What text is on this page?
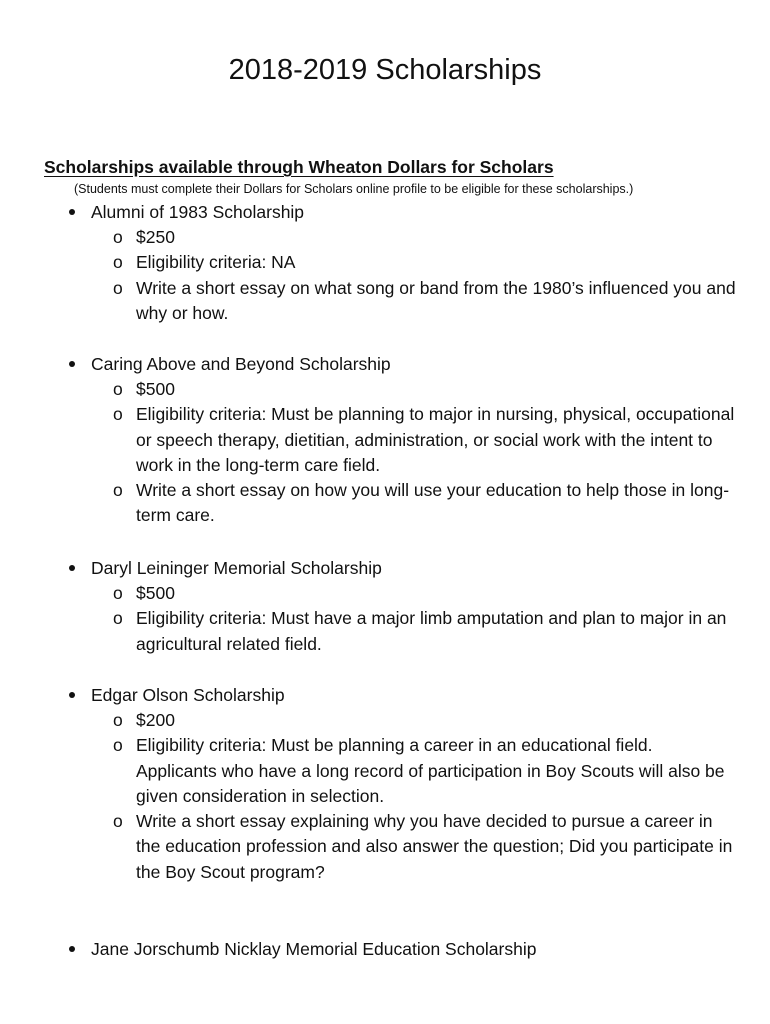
2018-2019 Scholarships
Scholarships available through Wheaton Dollars for Scholars

(Students must complete their Dollars for Scholars online profile to be eligible for these scholarships.)

Alumni of 1983 Scholarship
o $250
o Eligibility criteria: NA
o Write a short essay on what song or band from the 1980’s influenced you and why or how.
Caring Above and Beyond Scholarship
o $500
o Eligibility criteria: Must be planning to major in nursing, physical, occupational or speech therapy, dietitian, administration, or social work with the intent to work in the long-term care field.
o Write a short essay on how you will use your education to help those in long-term care.
Daryl Leininger Memorial Scholarship
o $500
o Eligibility criteria: Must have a major limb amputation and plan to major in an agricultural related field.
Edgar Olson Scholarship
o $200
o Eligibility criteria: Must be planning a career in an educational field. Applicants who have a long record of participation in Boy Scouts will also be given consideration in selection.
o Write a short essay explaining why you have decided to pursue a career in the education profession and also answer the question; Did you participate in the Boy Scout program?
Jane Jorschumb Nicklay Memorial Education Scholarship
